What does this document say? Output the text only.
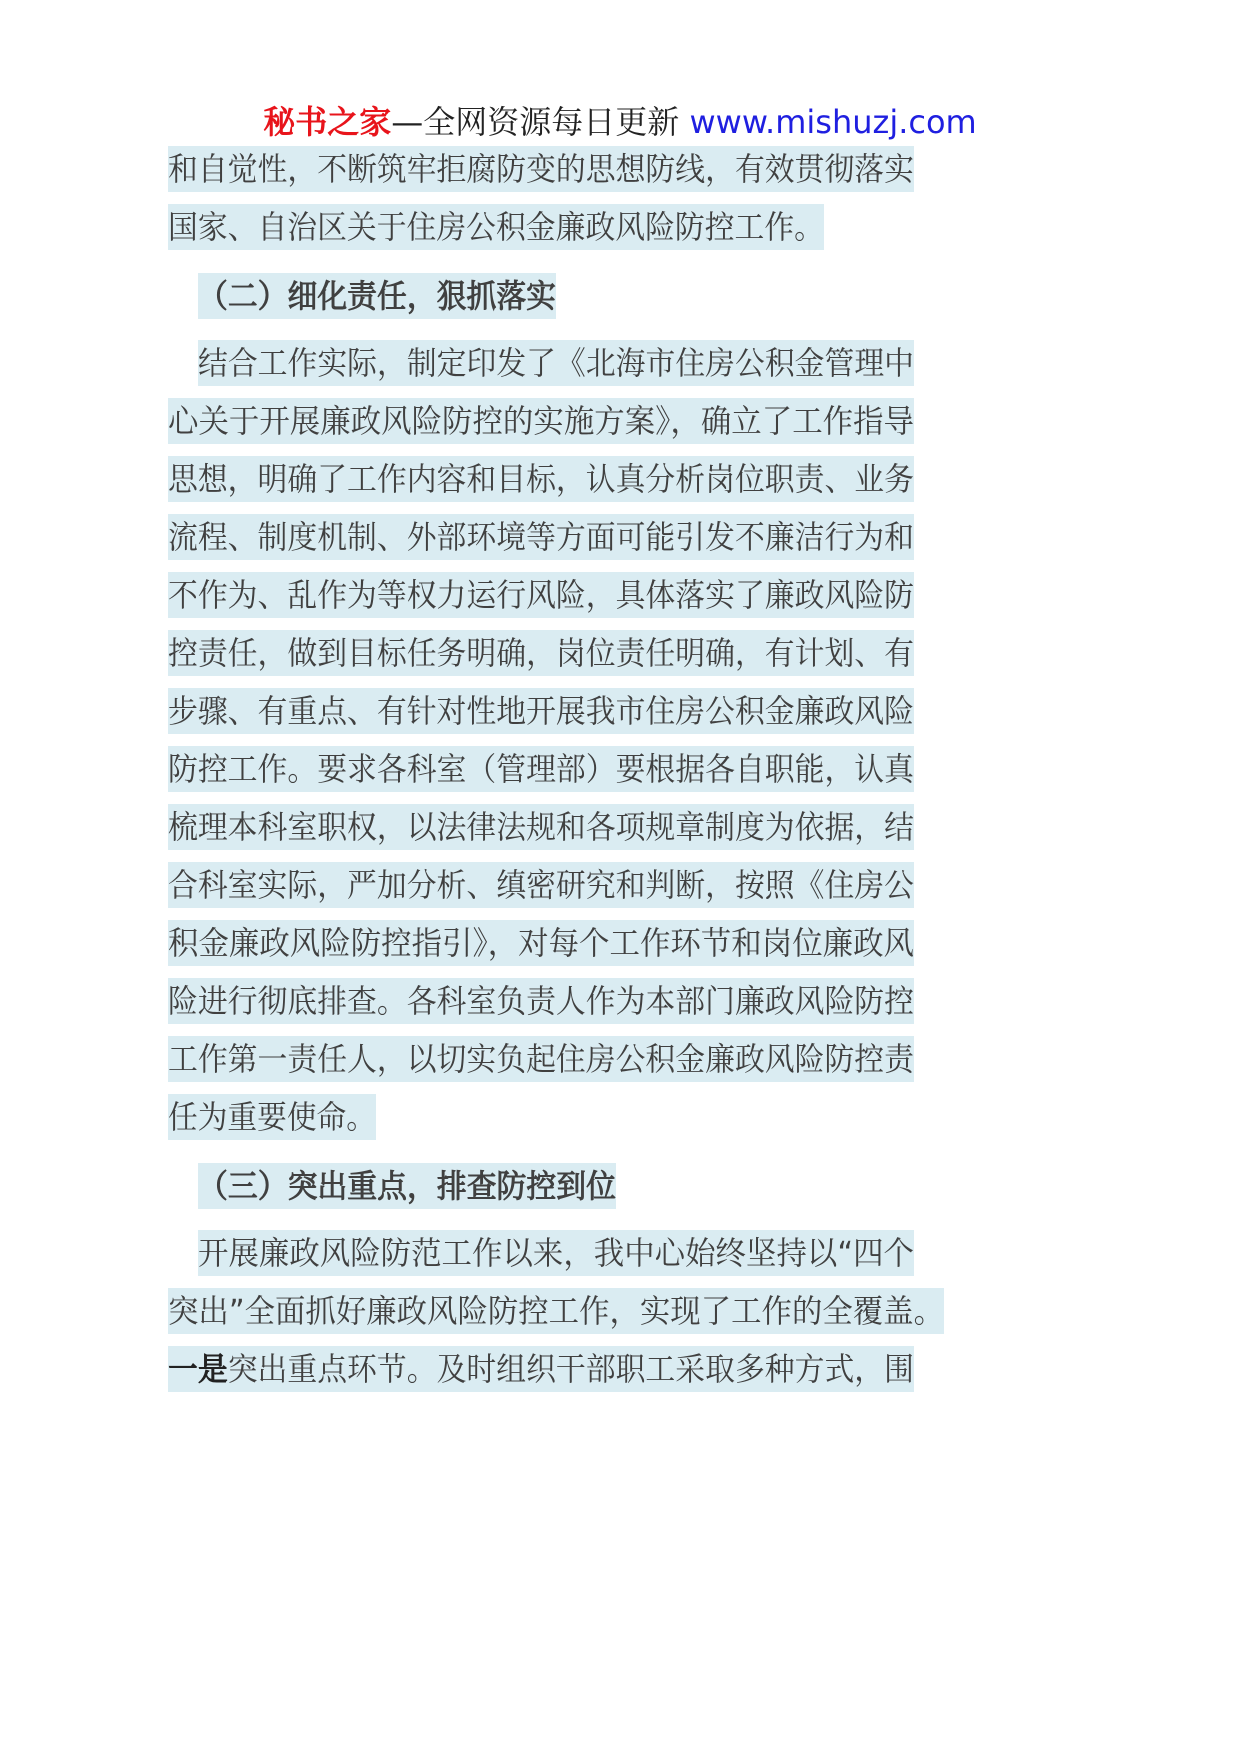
秘书之家—全网资源每日更新 www.mishuzj.com
和自觉性，不断筑牢拒腐防变的思想防线，有效贯彻落实
国家、自治区关于住房公积金廉政风险防控工作。
（二）细化责任，狠抓落实
结合工作实际，制定印发了《北海市住房公积金管理中
心关于开展廉政风险防控的实施方案》，确立了工作指导
思想，明确了工作内容和目标，认真分析岗位职责、业务
流程、制度机制、外部环境等方面可能引发不廉洁行为和
不作为、乱作为等权力运行风险，具体落实了廉政风险防
控责任，做到目标任务明确，岗位责任明确，有计划、有
步骤、有重点、有针对性地开展我市住房公积金廉政风险
防控工作。要求各科室（管理部）要根据各自职能，认真
梳理本科室职权，以法律法规和各项规章制度为依据，结
合科室实际，严加分析、缜密研究和判断，按照《住房公
积金廉政风险防控指引》，对每个工作环节和岗位廉政风
险进行彻底排查。各科室负责人作为本部门廉政风险防控
工作第一责任人，以切实负起住房公积金廉政风险防控责
任为重要使命。
（三）突出重点，排查防控到位
开展廉政风险防范工作以来，我中心始终坚持以“四个
突出”全面抓好廉政风险防控工作，实现了工作的全覆盖。
一是突出重点环节。及时组织干部职工采取多种方式，围
